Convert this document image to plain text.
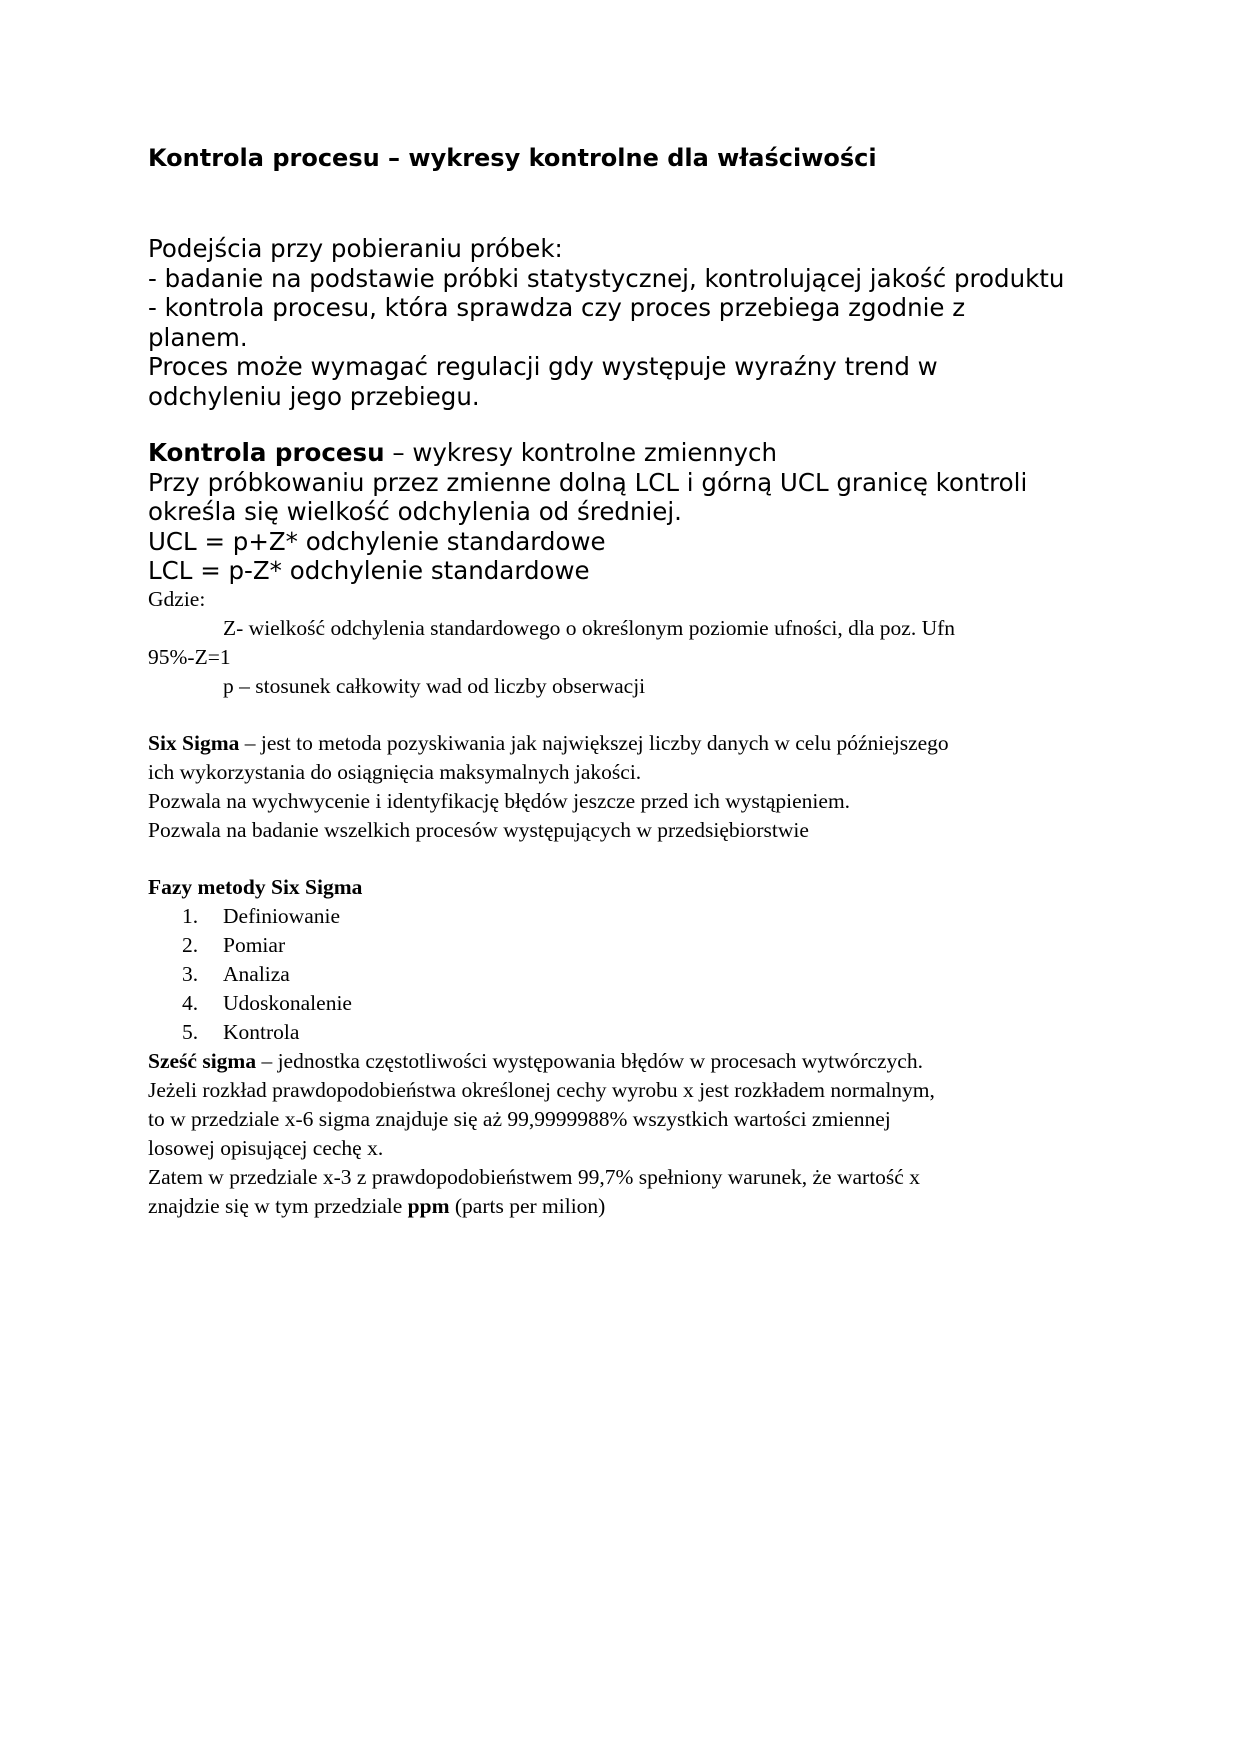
Kontrola procesu – wykresy kontrolne dla właściwości

Podejścia przy pobieraniu próbek:

- badanie na podstawie próbki statystycznej, kontrolującej jakość produktu

- kontrola procesu, która sprawdza czy proces przebiega zgodnie z

planem.

Proces może wymagać regulacji gdy występuje wyraźny trend w

odchyleniu jego przebiegu.

Kontrola procesu – wykresy kontrolne zmiennych

Przy próbkowaniu przez zmienne dolną LCL i górną UCL granicę kontroli

określa się wielkość odchylenia od średniej.

UCL = p+Z* odchylenie standardowe

LCL = p-Z* odchylenie standardowe

Gdzie:

Z- wielkość odchylenia standardowego o określonym poziomie ufności, dla poz. Ufn

95%-Z=1

p – stosunek całkowity wad od liczby obserwacji

Six Sigma – jest to metoda pozyskiwania jak największej liczby danych w celu późniejszego

ich wykorzystania do osiągnięcia maksymalnych jakości.

Pozwala na wychwycenie i identyfikację błędów jeszcze przed ich wystąpieniem.

Pozwala na badanie wszelkich procesów występujących w przedsiębiorstwie

Fazy metody Six Sigma

1. Definiowanie
2. Pomiar
3. Analiza
4. Udoskonalenie
5. Kontrola

Sześć sigma – jednostka częstotliwości występowania błędów w procesach wytwórczych.

Jeżeli rozkład prawdopodobieństwa określonej cechy wyrobu x jest rozkładem normalnym,

to w przedziale x-6 sigma znajduje się aż 99,9999988% wszystkich wartości zmiennej

losowej opisującej cechę x.

Zatem w przedziale x-3 z prawdopodobieństwem 99,7% spełniony warunek, że wartość x

znajdzie się w tym przedziale ppm (parts per milion)
